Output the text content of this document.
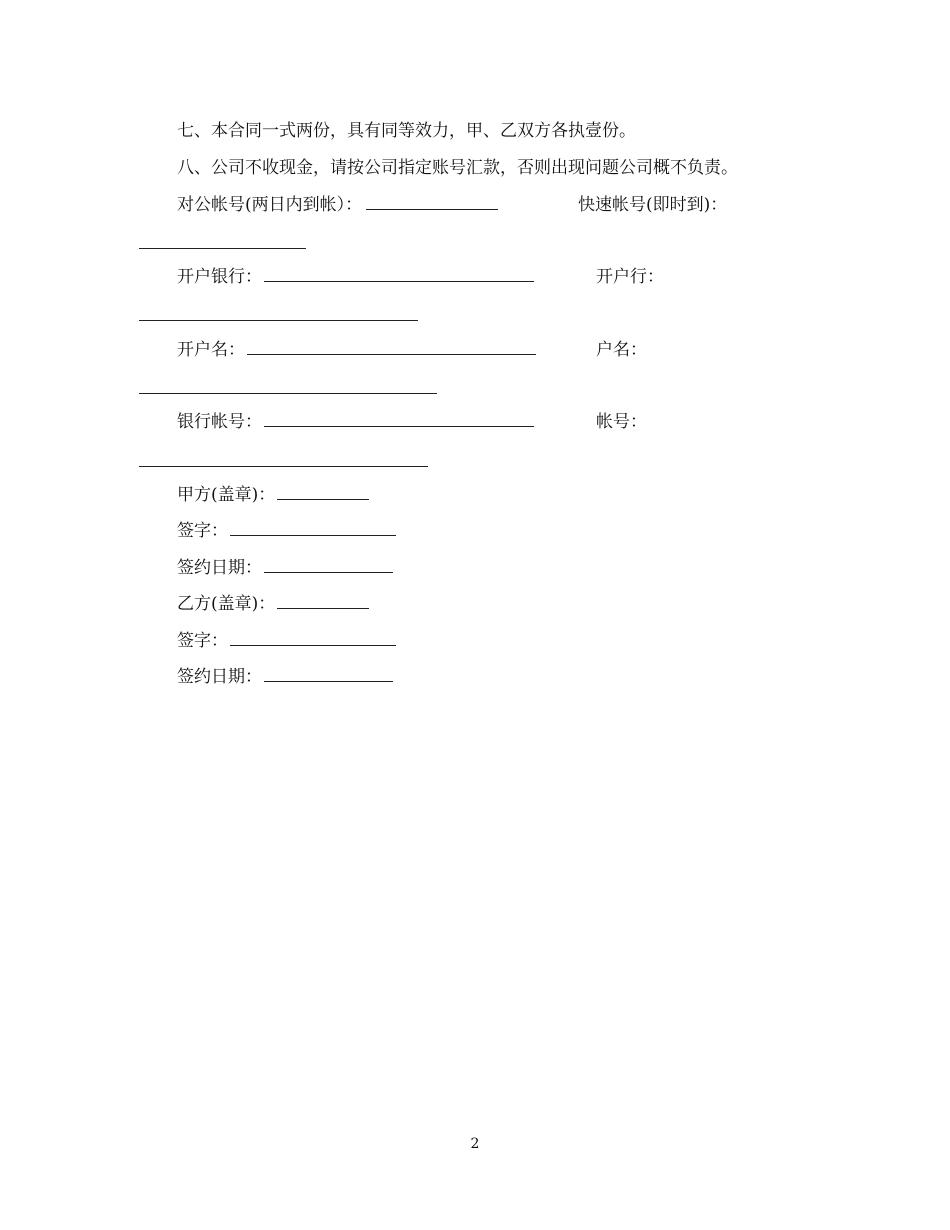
七、本合同一式两份，具有同等效力，甲、乙双方各执壹份。
八、公司不收现金，请按公司指定账号汇款，否则出现问题公司概不负责。
对公帐号(两日内到帐）：	快速帐号(即时到)：
开户银行：	开户行：
开户名：	户名：
银行帐号：	帐号：
甲方(盖章)：
签字：
签约日期：
乙方(盖章)：
签字：
签约日期：
2
